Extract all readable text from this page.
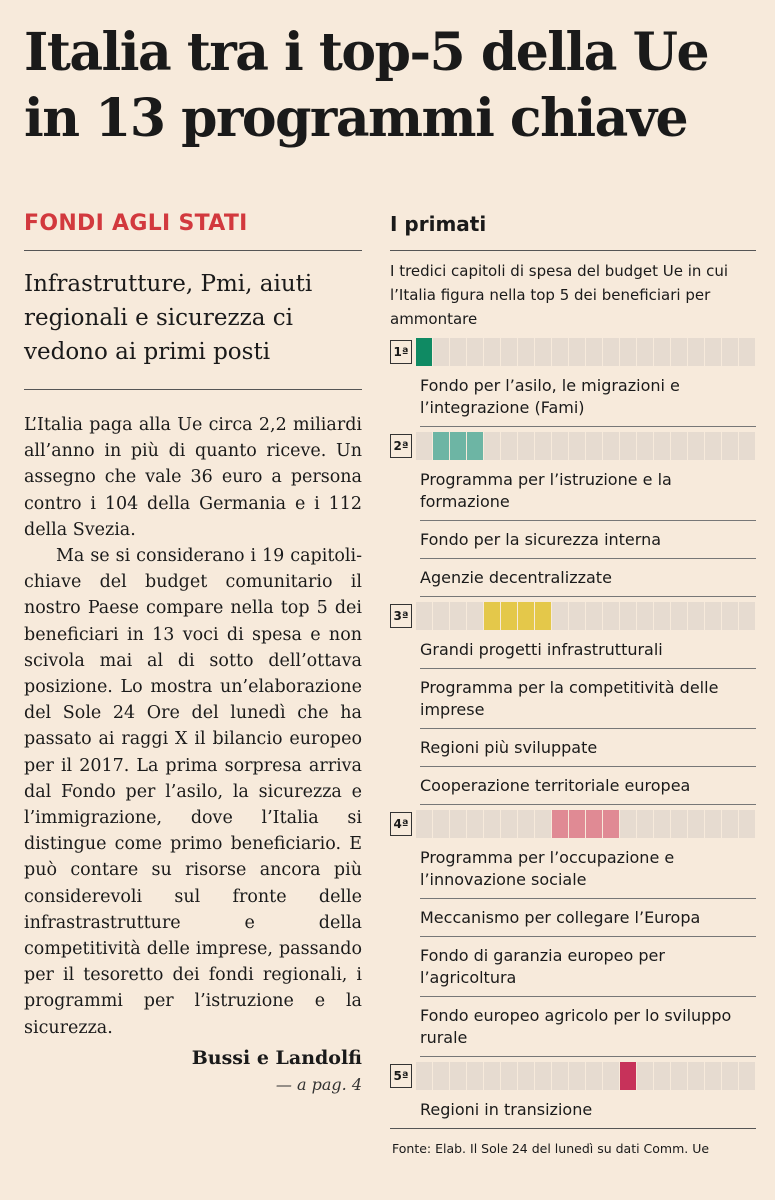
Italia tra i top-5 della Ue
in 13 programmi chiave
FONDI AGLI STATI

Infrastrutture, Pmi, aiuti regionali e sicurezza ci vedono ai primi posti

L’Italia paga alla Ue circa 2,2 miliardi all’anno in più di quanto riceve. Un assegno che vale 36 euro a persona contro i 104 della Germania e i 112 della Svezia.

Ma se si considerano i 19 capitoli-chiave del budget comunitario il nostro Paese compare nella top 5 dei beneficiari in 13 voci di spesa e non scivola mai al di sotto dell’ottava posizione. Lo mostra un’elaborazione del Sole 24 Ore del lunedì che ha passato ai raggi X il bilancio europeo per il 2017. La prima sorpresa arriva dal Fondo per l’asilo, la sicurezza e l’immigrazione, dove l’Italia si distingue come primo beneficiario. E può contare su risorse ancora più considerevoli sul fronte delle infrastrastrutture e della competitività delle imprese, passando per il tesoretto dei fondi regionali, i programmi per l’istruzione e la sicurezza.

Bussi e Landolfi
— a pag. 4
I primati

I tredici capitoli di spesa del budget Ue in cui l’Italia figura nella top 5 dei beneficiari per ammontare

1ª
Fondo per l’asilo, le migrazioni e l’integrazione (Fami)
2ª
Programma per l’istruzione e la formazione
Fondo per la sicurezza interna
Agenzie decentralizzate
3ª
Grandi progetti infrastrutturali
Programma per la competitività delle imprese
Regioni più sviluppate
Cooperazione territoriale europea
4ª
Programma per l’occupazione e l’innovazione sociale
Meccanismo per collegare l’Europa
Fondo di garanzia europeo per l’agricoltura
Fondo europeo agricolo per lo sviluppo rurale
5ª
Regioni in transizione
Fonte: Elab. Il Sole 24 del lunedì su dati Comm. Ue
